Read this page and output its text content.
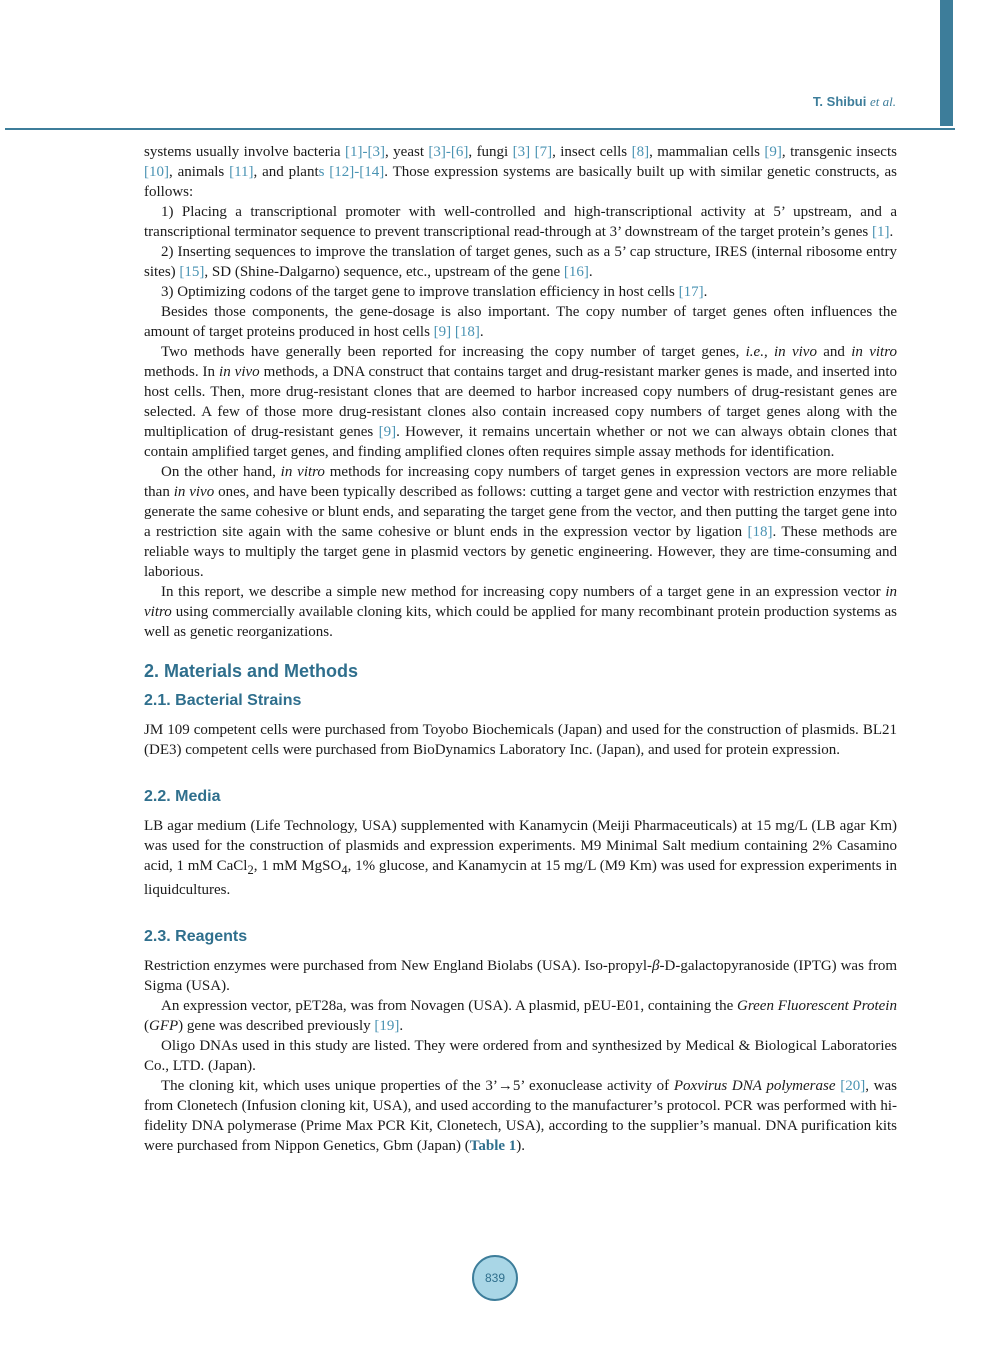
T. Shibui et al.

systems usually involve bacteria [1]-[3], yeast [3]-[6], fungi [3] [7], insect cells [8], mammalian cells [9], transgenic insects [10], animals [11], and plants [12]-[14]. Those expression systems are basically built up with similar genetic constructs, as follows:

1) Placing a transcriptional promoter with well-controlled and high-transcriptional activity at 5’ upstream, and a transcriptional terminator sequence to prevent transcriptional read-through at 3’ downstream of the target protein’s genes [1].

2) Inserting sequences to improve the translation of target genes, such as a 5’ cap structure, IRES (internal ribosome entry sites) [15], SD (Shine-Dalgarno) sequence, etc., upstream of the gene [16].

3) Optimizing codons of the target gene to improve translation efficiency in host cells [17].

Besides those components, the gene-dosage is also important. The copy number of target genes often influences the amount of target proteins produced in host cells [9] [18].

Two methods have generally been reported for increasing the copy number of target genes, i.e., in vivo and in vitro methods. In in vivo methods, a DNA construct that contains target and drug-resistant marker genes is made, and inserted into host cells. Then, more drug-resistant clones that are deemed to harbor increased copy numbers of drug-resistant genes are selected. A few of those more drug-resistant clones also contain increased copy numbers of target genes along with the multiplication of drug-resistant genes [9]. However, it remains uncertain whether or not we can always obtain clones that contain amplified target genes, and finding amplified clones often requires simple assay methods for identification.

On the other hand, in vitro methods for increasing copy numbers of target genes in expression vectors are more reliable than in vivo ones, and have been typically described as follows: cutting a target gene and vector with restriction enzymes that generate the same cohesive or blunt ends, and separating the target gene from the vector, and then putting the target gene into a restriction site again with the same cohesive or blunt ends in the expression vector by ligation [18]. These methods are reliable ways to multiply the target gene in plasmid vectors by genetic engineering. However, they are time-consuming and laborious.

In this report, we describe a simple new method for increasing copy numbers of a target gene in an expression vector in vitro using commercially available cloning kits, which could be applied for many recombinant protein production systems as well as genetic reorganizations.

2. Materials and Methods
2.1. Bacterial Strains

JM 109 competent cells were purchased from Toyobo Biochemicals (Japan) and used for the construction of plasmids. BL21 (DE3) competent cells were purchased from BioDynamics Laboratory Inc. (Japan), and used for protein expression.

2.2. Media

LB agar medium (Life Technology, USA) supplemented with Kanamycin (Meiji Pharmaceuticals) at 15 mg/L (LB agar Km) was used for the construction of plasmids and expression experiments. M9 Minimal Salt medium containing 2% Casamino acid, 1 mM CaCl$_2$, 1 mM MgSO$_4$, 1% glucose, and Kanamycin at 15 mg/L (M9 Km) was used for expression experiments in liquidcultures.

2.3. Reagents

Restriction enzymes were purchased from New England Biolabs (USA). Iso-propyl-β-D-galactopyranoside (IPTG) was from Sigma (USA).

An expression vector, pET28a, was from Novagen (USA). A plasmid, pEU-E01, containing the Green Fluorescent Protein (GFP) gene was described previously [19].

Oligo DNAs used in this study are listed. They were ordered from and synthesized by Medical & Biological Laboratories Co., LTD. (Japan).

The cloning kit, which uses unique properties of the 3’→5’ exonuclease activity of Poxvirus DNA polymerase [20], was from Clonetech (Infusion cloning kit, USA), and used according to the manufacturer’s protocol. PCR was performed with hi-fidelity DNA polymerase (Prime Max PCR Kit, Clonetech, USA), according to the supplier’s manual. DNA purification kits were purchased from Nippon Genetics, Gbm (Japan) (Table 1).

839
